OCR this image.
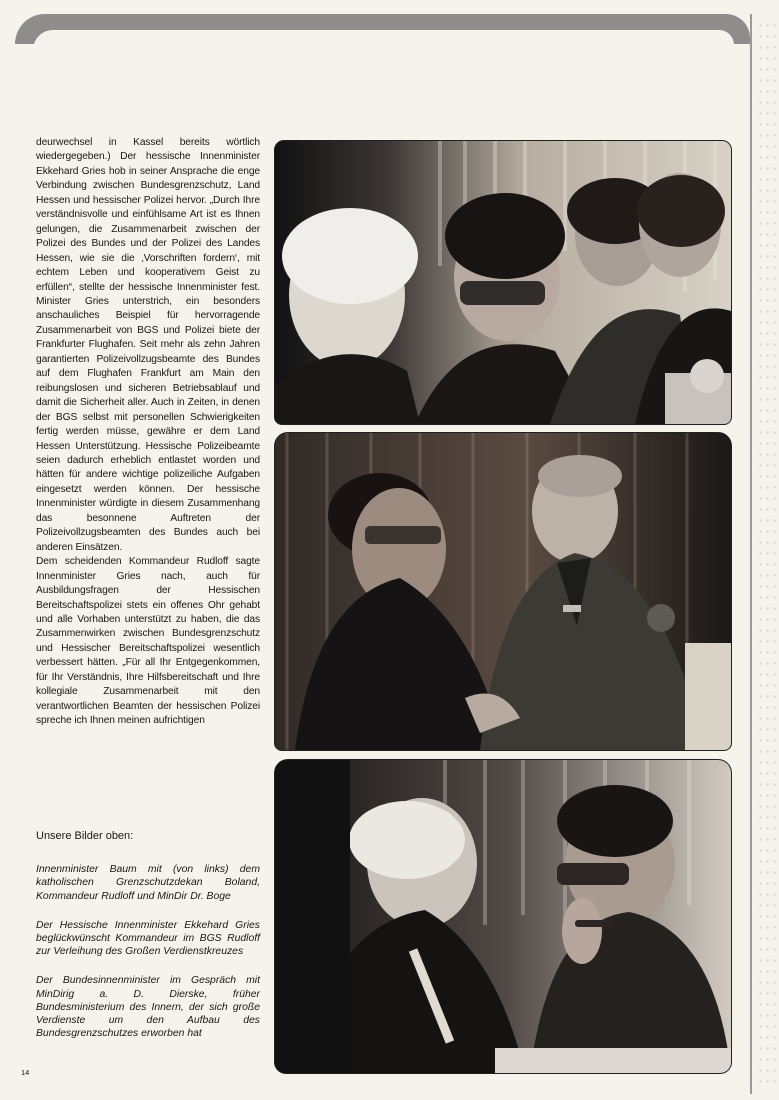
deurwechsel in Kassel bereits wörtlich wiedergegeben.) Der hessische Innenminister Ekkehard Gries hob in seiner Ansprache die enge Verbindung zwischen Bundesgrenzschutz, Land Hessen und hessischer Polizei hervor. „Durch Ihre verständnisvolle und einfühlsame Art ist es Ihnen gelungen, die Zusammenarbeit zwischen der Polizei des Bundes und der Polizei des Landes Hessen, wie sie die ‚Vorschriften fordern‘, mit echtem Leben und kooperativem Geist zu erfüllen“, stellte der hessische Innenminister fest. Minister Gries unterstrich, ein besonders anschauliches Beispiel für hervorragende Zusammenarbeit von BGS und Polizei biete der Frankfurter Flughafen. Seit mehr als zehn Jahren garantierten Polizeivollzugsbeamte des Bundes auf dem Flughafen Frankfurt am Main den reibungslosen und sicheren Betriebsablauf und damit die Sicherheit aller. Auch in Zeiten, in denen der BGS selbst mit personellen Schwierigkeiten fertig werden müsse, gewähre er dem Land Hessen Unterstützung. Hessische Polizeibeamte seien dadurch erheblich entlastet worden und hätten für andere wichtige polizeiliche Aufgaben eingesetzt werden können. Der hessische Innenminister würdigte in diesem Zusammenhang das besonnene Auftreten der Polizeivollzugsbeamten des Bundes auch bei anderen Einsätzen.

Dem scheidenden Kommandeur Rudloff sagte Innenminister Gries nach, auch für Ausbildungsfragen der Hessischen Bereitschaftspolizei stets ein offenes Ohr gehabt und alle Vorhaben unterstützt zu haben, die das Zusammenwirken zwischen Bundesgrenzschutz und Hessischer Bereitschaftspolizei wesentlich verbessert hätten. „Für all Ihr Entgegenkommen, für Ihr Verständnis, Ihre Hilfsbereitschaft und Ihre kollegiale Zusammenarbeit mit den verantwortlichen Beamten der hessischen Polizei spreche ich Ihnen meinen aufrichtigen

Unsere Bilder oben:

Innenminister Baum mit (von links) dem katholischen Grenzschutzdekan Boland, Kommandeur Rudloff und MinDir Dr. Boge

Der Hessische Innenminister Ekkehard Gries beglückwünscht Kommandeur im BGS Rudloff zur Verleihung des Großen Verdienstkreuzes

Der Bundesinnenminister im Gespräch mit MinDirig a. D. Dierske, früher Bundesministerium des Innern, der sich große Verdienste um den Aufbau des Bundesgrenzschutzes erworben hat

14
